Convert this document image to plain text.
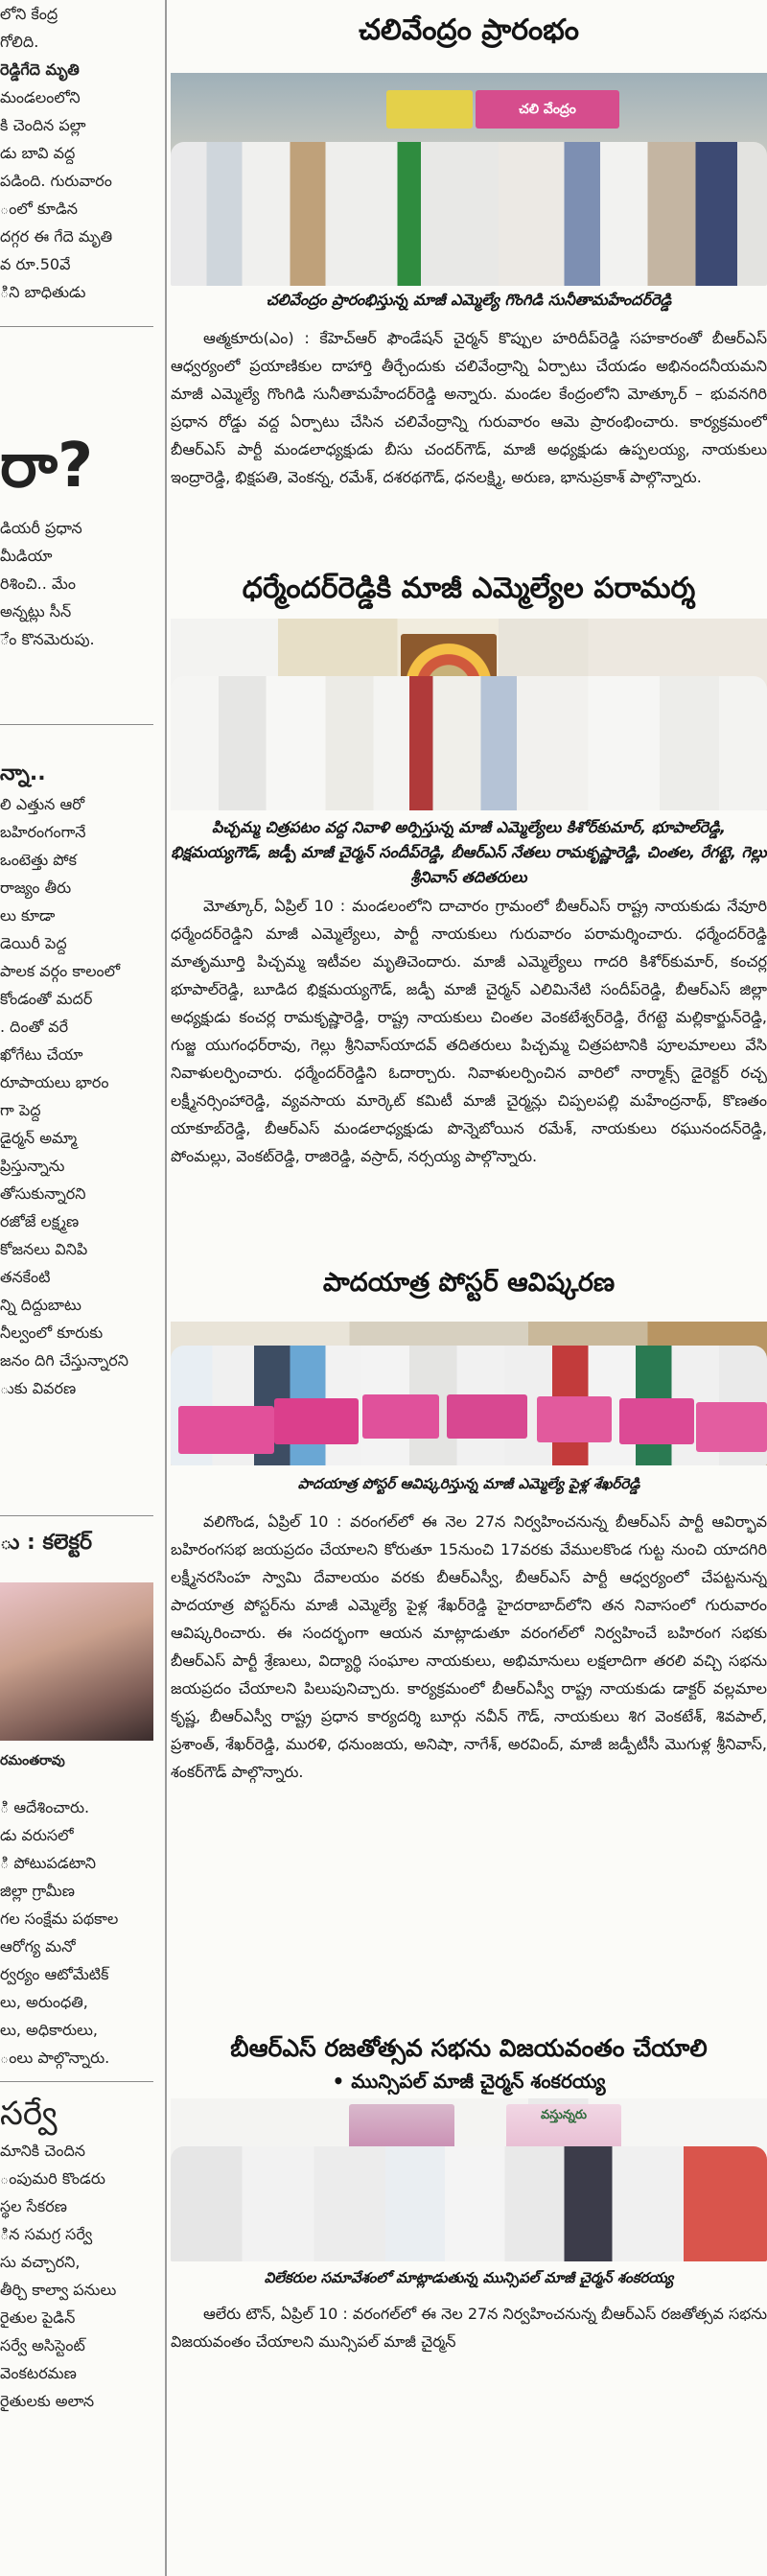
లోని కేంద్ర

గోలిది.

రెడ్డిగేదె మృతి

మండలంలోని

కి చెందిన పల్లా

డు బావి వద్ద

పడింది. గురువారం

ంలో కూడిన

దగ్గర ఈ గేదె మృతి

వ రూ.50వే

ిని బాధితుడు

రా?

డియరీ ప్రధాన

మీడియా

రిశించి.. మేం

అన్నట్లు సీన్

ేం కొనమెరుపు.

న్నా..

లి ఎత్తున ఆరో

బహిరంగంగానే

ఒంటెత్తు పోక

రాజ్యం తీరు

లు కూడా

డెయిరీ పెద్ద

పాలక వర్గం కాలంలో

కోండంతో మదర్

. దింతో వరే

ఖోగేటు చేయా

రూపాయలు భారం

గా పెద్ద

డైర్మన్ అమ్మా

ప్రిస్తున్నాను

తోసుకున్నారని

రజోజే లక్ష్మణ

కోజనలు వినిపి

తనకేంటి

న్ని దిద్దుబాటు

నీల్వంలో కూరుకు

జనం దిగి చేస్తున్నారని

ుకు వివరణ

ు : కలెక్టర్

రమంతరావు

ి ఆదేశించారు.

డు వరుసలో

ి పోటుపడటాని

జిల్లా గ్రామీణ

గల సంక్షేమ పథకాల

ఆరోగ్య మనో

ర్వర్యం ఆటోమేటిక్

లు, అరుంధతి,

లు, అధికారులు,

ంలు పాల్గొన్నారు.

సర్వే

మానికి చెందిన

ంపుమరి కొండరు

స్థల సేకరణ

ిన సమగ్ర సర్వే

సు వచ్చారని,

తీర్చి కాల్వా పనులు

రైతుల పైడిన్

సర్వే అసిస్టెంట్

వెంకటరమణ

రైతులకు అలాన

చలివేంద్రం ప్రారంభం
చలి వేంద్రం
చలివేంద్రం ప్రారంభిస్తున్న మాజీ ఎమ్మెల్యే గొంగిడి సునీతామహేందర్‌రెడ్డి

ఆత్మకూరు(ఎం) : కేహెచ్‌ఆర్ ఫౌండేషన్ చైర్మన్ కొప్పుల హరిదీప్‌రెడ్డి సహకారంతో బీఆర్‌ఎస్ ఆధ్వర్యంలో ప్రయాణికుల దాహార్తి తీర్చేందుకు చలివేంద్రాన్ని ఏర్పాటు చేయడం అభినందనీయమని మాజీ ఎమ్మెల్యే గొంగిడి సునీతామహేందర్‌రెడ్డి అన్నారు. మండల కేంద్రంలోని మోత్కూర్ – భువనగిరి ప్రధాన రోడ్డు వద్ద ఏర్పాటు చేసిన చలివేంద్రాన్ని గురువారం ఆమె ప్రారంభించారు. కార్యక్రమంలో బీఆర్‌ఎస్ పార్టీ మండలాధ్యక్షుడు బీసు చందర్‌గౌడ్, మాజీ అధ్యక్షుడు ఉప్పలయ్య, నాయకులు ఇంద్రారెడ్డి, భిక్షపతి, వెంకన్న, రమేశ్, దశరథగౌడ్, ధనలక్ష్మి, అరుణ, భానుప్రకాశ్ పాల్గొన్నారు.

ధర్మేందర్‌రెడ్డికి మాజీ ఎమ్మెల్యేల పరామర్శ
పిచ్చమ్మ చిత్రపటం వద్ద నివాళి అర్పిస్తున్న మాజీ ఎమ్మెల్యేలు కిశోర్‌కుమార్, భూపాల్‌రెడ్డి, భిక్షమయ్యగౌడ్, జడ్పీ మాజీ చైర్మన్ సందీప్‌రెడ్డి, బీఆర్‌ఎస్ నేతలు రామకృష్ణారెడ్డి, చింతల, రేగట్టె, గెల్లు శ్రీనివాస్ తదితరులు

మోత్కూర్, ఏప్రిల్ 10 : మండలంలోని దాచారం గ్రామంలో బీఆర్‌ఎస్ రాష్ట్ర నాయకుడు నేవూరి ధర్మేందర్‌రెడ్డిని మాజీ ఎమ్మెల్యేలు, పార్టీ నాయకులు గురువారం పరామర్శించారు. ధర్మేందర్‌రెడ్డి మాతృమూర్తి పిచ్చమ్మ ఇటీవల మృతిచెందారు. మాజీ ఎమ్మెల్యేలు గాదరి కిశోర్‌కుమార్, కంచర్ల భూపాల్‌రెడ్డి, బూడిద భిక్షమయ్యగౌడ్, జడ్పీ మాజీ చైర్మన్ ఎలిమినేటి సందీప్‌రెడ్డి, బీఆర్‌ఎస్ జిల్లా అధ్యక్షుడు కంచర్ల రామకృష్ణారెడ్డి, రాష్ట్ర నాయకులు చింతల వెంకటేశ్వర్‌రెడ్డి, రేగట్టె మల్లికార్జున్‌రెడ్డి, గుజ్జ యుగంధర్‌రావు, గెల్లు శ్రీనివాస్‌యాదవ్ తదితరులు పిచ్చమ్మ చిత్రపటానికి పూలమాలలు వేసి నివాళులర్పించారు. ధర్మేందర్‌రెడ్డిని ఓదార్చారు. నివాళులర్పించిన వారిలో నార్మాక్స్ డైరెక్టర్ రచ్చ లక్ష్మీనర్సింహారెడ్డి, వ్యవసాయ మార్కెట్ కమిటీ మాజీ చైర్మన్లు చిప్పలపల్లి మహేంద్రనాథ్, కొణతం యాకూబ్‌రెడ్డి, బీఆర్‌ఎస్ మండలాధ్యక్షుడు పొన్నెబోయిన రమేశ్, నాయకులు రఘునందన్‌రెడ్డి, పోంమల్లు, వెంకట్‌రెడ్డి, రాజిరెడ్డి, వస్రాద్, నర్సయ్య పాల్గొన్నారు.

పాదయాత్ర పోస్టర్ ఆవిష్కరణ
పాదయాత్ర పోస్టర్ ఆవిష్కరిస్తున్న మాజీ ఎమ్మెల్యే పైళ్ల శేఖర్‌రెడ్డి

వలిగొండ, ఏప్రిల్ 10 : వరంగల్‌లో ఈ నెల 27న నిర్వహించనున్న బీఆర్‌ఎస్ పార్టీ ఆవిర్భావ బహిరంగసభ జయప్రదం చేయాలని కోరుతూ 15నుంచి 17వరకు వేములకొండ గుట్ట నుంచి యాదగిరి లక్ష్మీనరసింహ స్వామి దేవాలయం వరకు బీఆర్‌ఎస్వీ, బీఆర్‌ఎస్ పార్టీ ఆధ్వర్యంలో చేపట్టనున్న పాదయాత్ర పోస్టర్‌ను మాజీ ఎమ్మెల్యే పైళ్ల శేఖర్‌రెడ్డి హైదరాబాద్‌లోని తన నివాసంలో గురువారం ఆవిష్కరించారు. ఈ సందర్భంగా ఆయన మాట్లాడుతూ వరంగల్‌లో నిర్వహించే బహిరంగ సభకు బీఆర్‌ఎస్ పార్టీ శ్రేణులు, విద్యార్థి సంఘాల నాయకులు, అభిమానులు లక్షలాదిగా తరలి వచ్చి సభను జయప్రదం చేయాలని పిలుపునిచ్చారు. కార్యక్రమంలో బీఆర్‌ఎస్వీ రాష్ట్ర నాయకుడు డాక్టర్ వల్లమాల కృష్ణ, బీఆర్‌ఎస్వీ రాష్ట్ర ప్రధాన కార్యదర్శి బూర్గు నవీన్ గౌడ్, నాయకులు శిగ వెంకటేశ్, శివపాల్, ప్రశాంత్, శేఖర్‌రెడ్డి, మురళి, ధనుంజయ, అనిషా, నాగేశ్, అరవింద్, మాజీ జడ్పీటీసీ మొగుళ్ల శ్రీనివాస్, శంకర్‌గౌడ్ పాల్గొన్నారు.

బీఆర్‌ఎస్ రజతోత్సవ సభను విజయవంతం చేయాలి

• మున్సిపల్ మాజీ చైర్మన్ శంకరయ్య

వస్తున్నరు
విలేకరుల సమావేశంలో మాట్లాడుతున్న మున్సిపల్ మాజీ చైర్మన్ శంకరయ్య

ఆలేరు టౌన్, ఏప్రిల్ 10 : వరంగల్‌లో ఈ నెల 27న నిర్వహించనున్న బీఆర్‌ఎస్ రజతోత్సవ సభను విజయవంతం చేయాలని మున్సిపల్ మాజీ చైర్మన్
